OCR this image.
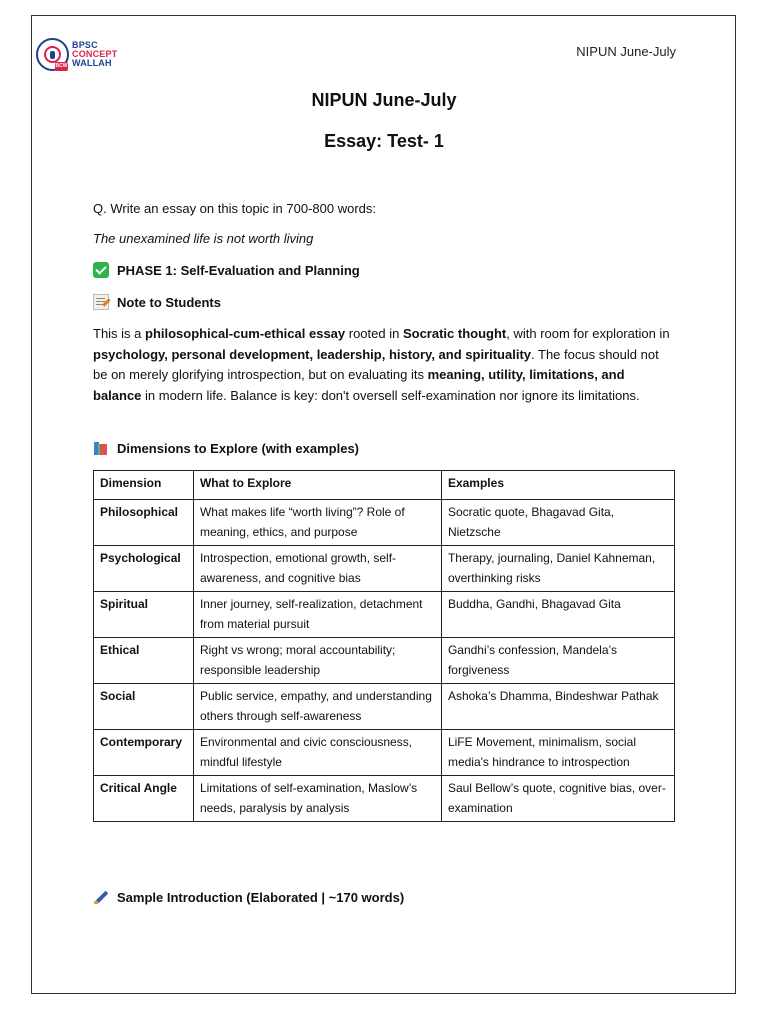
BCW
BPSC
CONCEPT
WALLAH
NIPUN June-July
NIPUN June-July
Essay: Test- 1
Q. Write an essay on this topic in 700-800 words:
The unexamined life is not worth living
PHASE 1: Self-Evaluation and Planning
Note to Students
This is a philosophical-cum-ethical essay rooted in Socratic thought, with room for exploration in psychology, personal development, leadership, history, and spirituality. The focus should not be on merely glorifying introspection, but on evaluating its meaning, utility, limitations, and balance in modern life. Balance is key: don't oversell self-examination nor ignore its limitations.
Dimensions to Explore (with examples)
Dimension	What to Explore	Examples
Philosophical	What makes life “worth living”? Role of meaning, ethics, and purpose	Socratic quote, Bhagavad Gita, Nietzsche
Psychological	Introspection, emotional growth, self-awareness, and cognitive bias	Therapy, journaling, Daniel Kahneman, overthinking risks
Spiritual	Inner journey, self-realization, detachment from material pursuit	Buddha, Gandhi, Bhagavad Gita
Ethical	Right vs wrong; moral accountability; responsible leadership	Gandhi’s confession, Mandela’s forgiveness
Social	Public service, empathy, and understanding others through self-awareness	Ashoka’s Dhamma, Bindeshwar Pathak
Contemporary	Environmental and civic consciousness, mindful lifestyle	LiFE Movement, minimalism, social media's hindrance to introspection
Critical Angle	Limitations of self-examination, Maslow’s needs, paralysis by analysis	Saul Bellow’s quote, cognitive bias, over-examination
Sample Introduction (Elaborated | ~170 words)
